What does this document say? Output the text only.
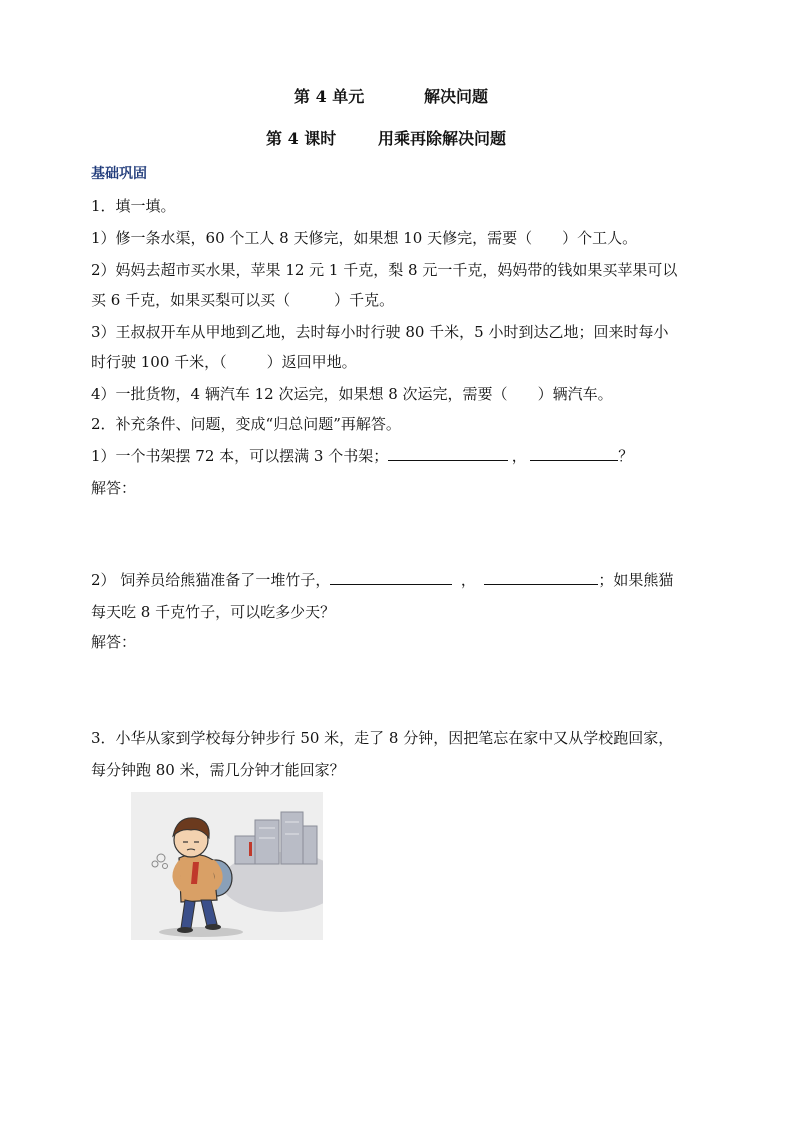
第 4 单元	解决问题
第 4 课时	用乘再除解决问题
基础巩固
1．填一填。
1）修一条水渠，60 个工人 8 天修完，如果想 10 天修完，需要（ ）个工人。
2）妈妈去超市买水果，苹果 12 元 1 千克，梨 8 元一千克，妈妈带的钱如果买苹果可以
买 6 千克，如果买梨可以买（	）千克。
3）王叔叔开车从甲地到乙地，去时每小时行驶 80 千米，5 小时到达乙地；回来时每小
时行驶 100 千米，（	）返回甲地。
4）一批货物，4 辆汽车 12 次运完，如果想 8 次运完，需要（ ）辆汽车。
2．补充条件、问题，变成“归总问题”再解答。
1）一个书架摆 72 本，可以摆满 3 个书架；	，	？
解答：
2） 饲养员给熊猫准备了一堆竹子，	，	；如果熊猫
每天吃 8 千克竹子，可以吃多少天？
解答：
3．小华从家到学校每分钟步行 50 米，走了 8 分钟，因把笔忘在家中又从学校跑回家，
每分钟跑 80 米，需几分钟才能回家？
